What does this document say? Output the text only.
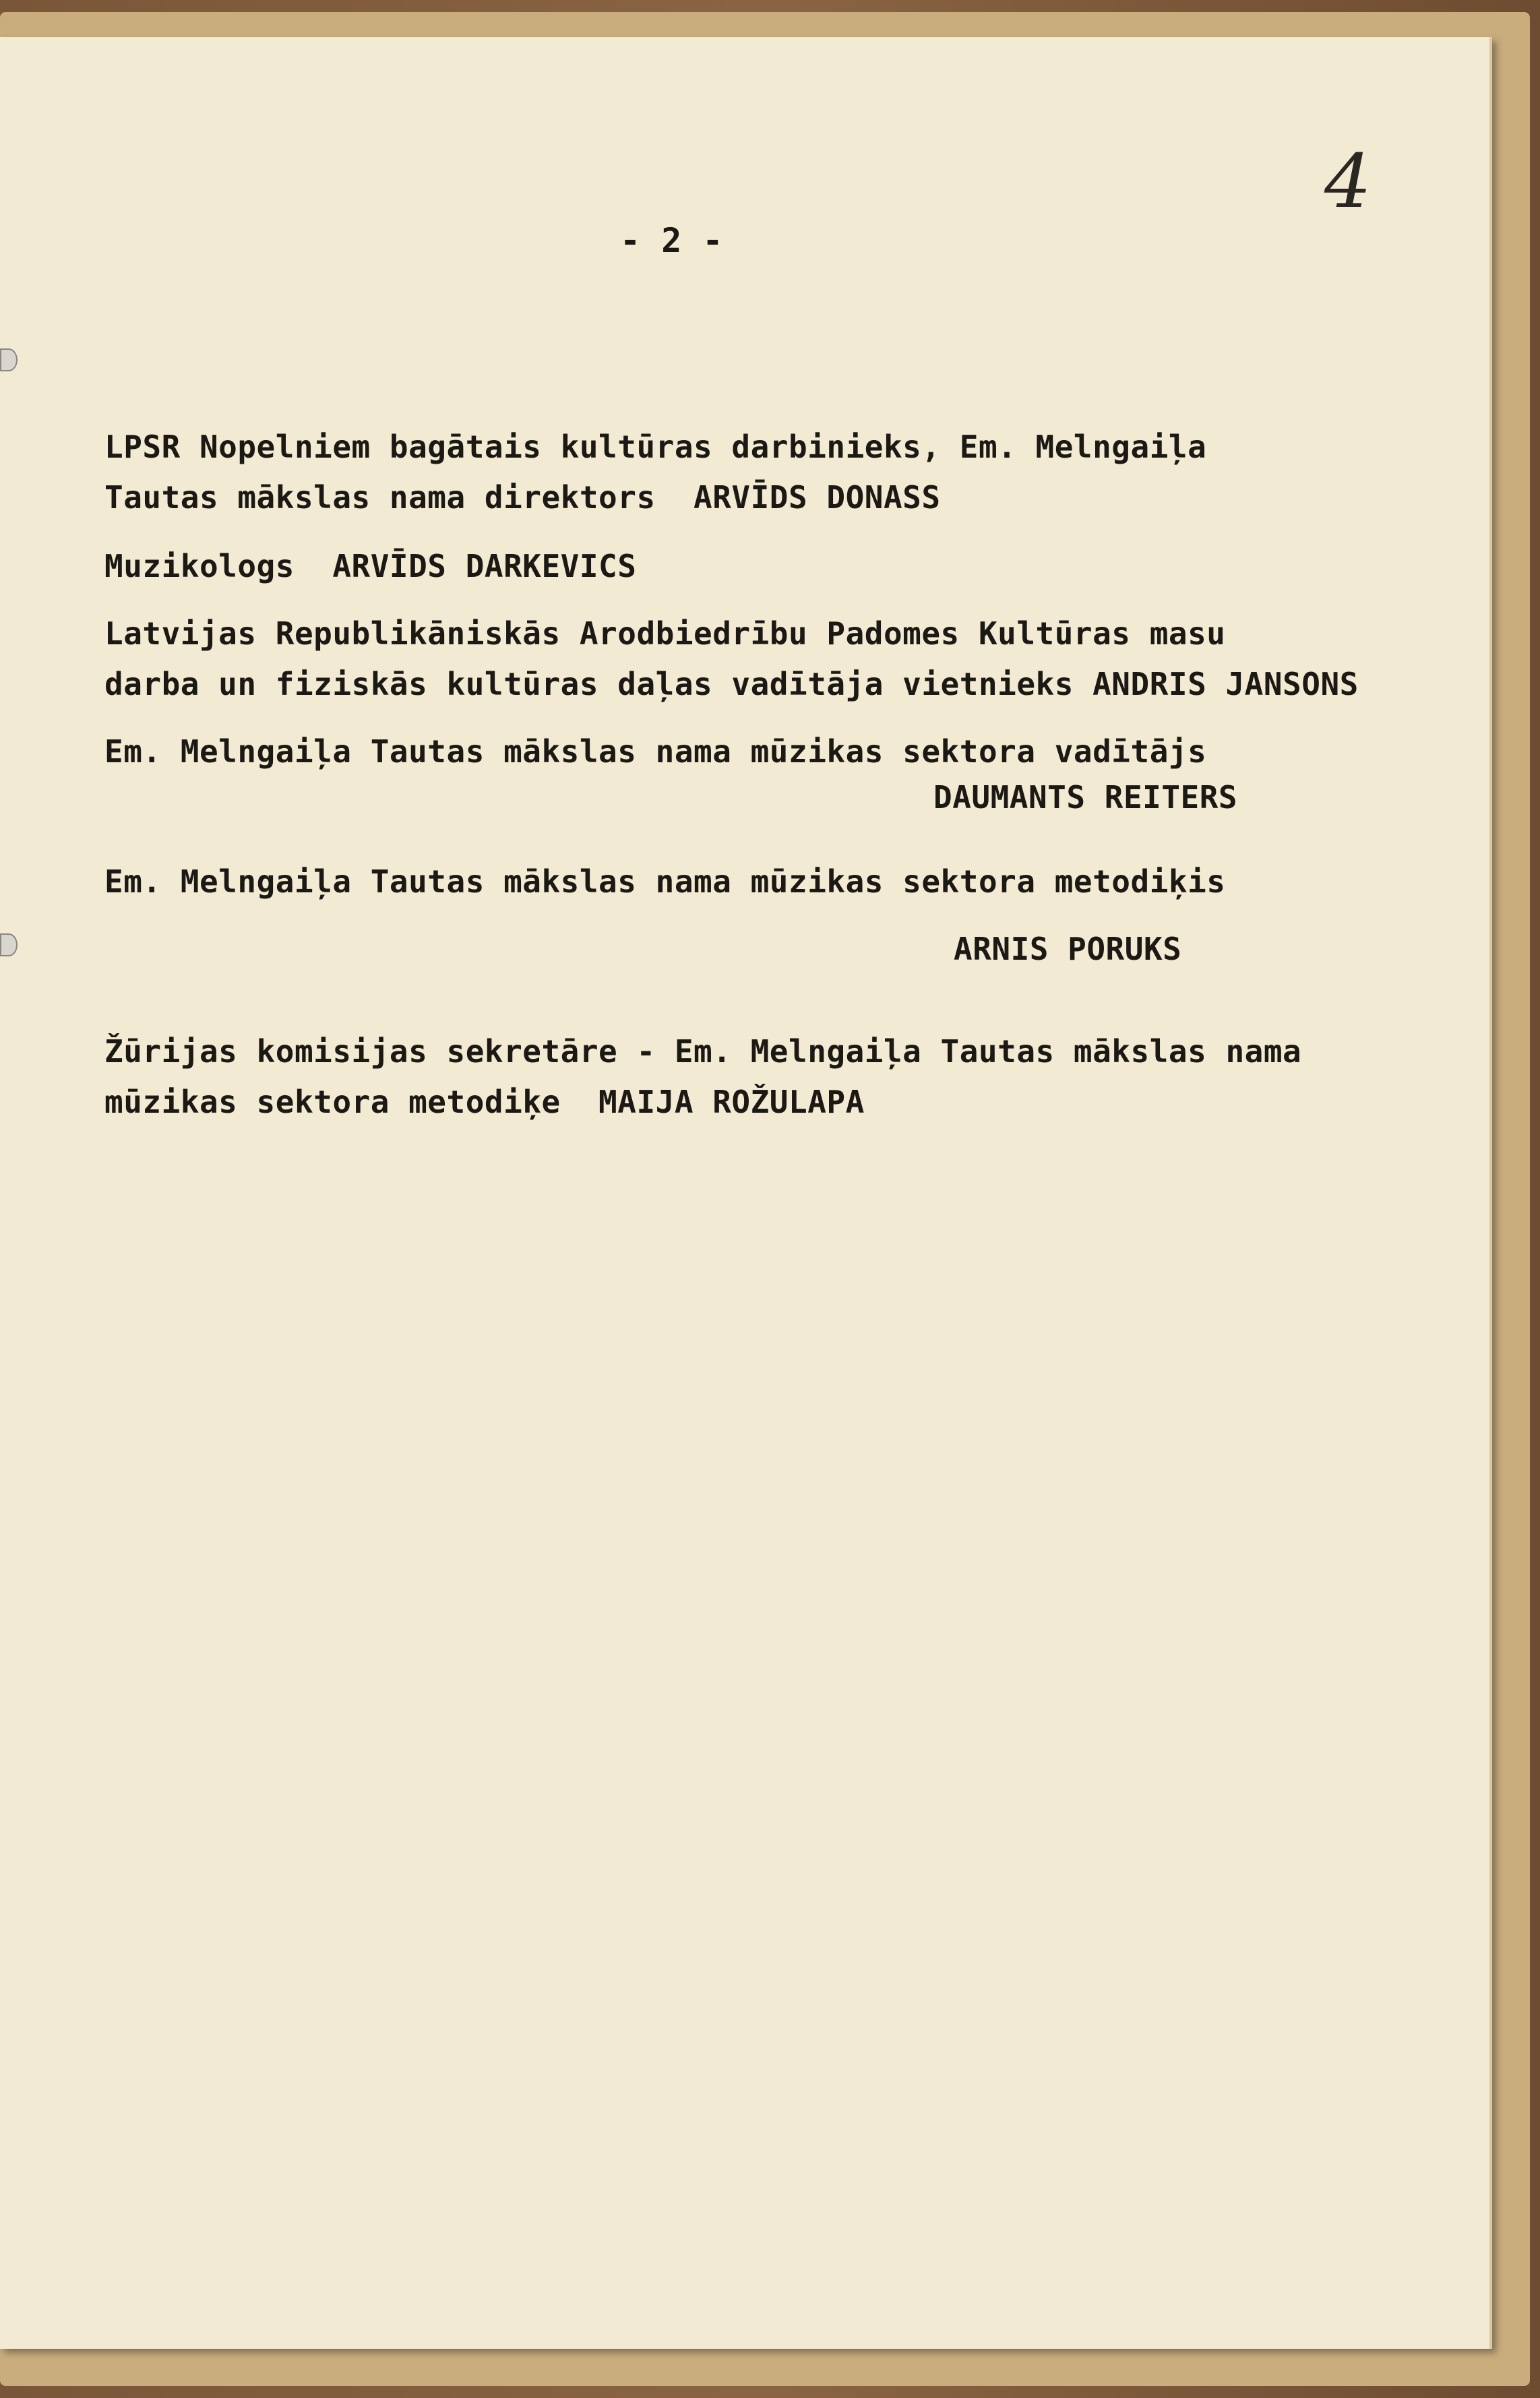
4
- 2 -
LPSR Nopelniem bagātais kultūras darbinieks, Em. Melngaiļa
Tautas mākslas nama direktors  ARVĪDS DONASS
Muzikologs  ARVĪDS DARKEVICS
Latvijas Republikāniskās Arodbiedrību Padomes Kultūras masu
darba un fiziskās kultūras daļas vadītāja vietnieks ANDRIS JANSONS
Em. Melngaiļa Tautas mākslas nama mūzikas sektora vadītājs
DAUMANTS REITERS
Em. Melngaiļa Tautas mākslas nama mūzikas sektora metodiķis
ARNIS PORUKS
Žūrijas komisijas sekretāre - Em. Melngaiļa Tautas mākslas nama
mūzikas sektora metodiķe  MAIJA ROŽULAPA
